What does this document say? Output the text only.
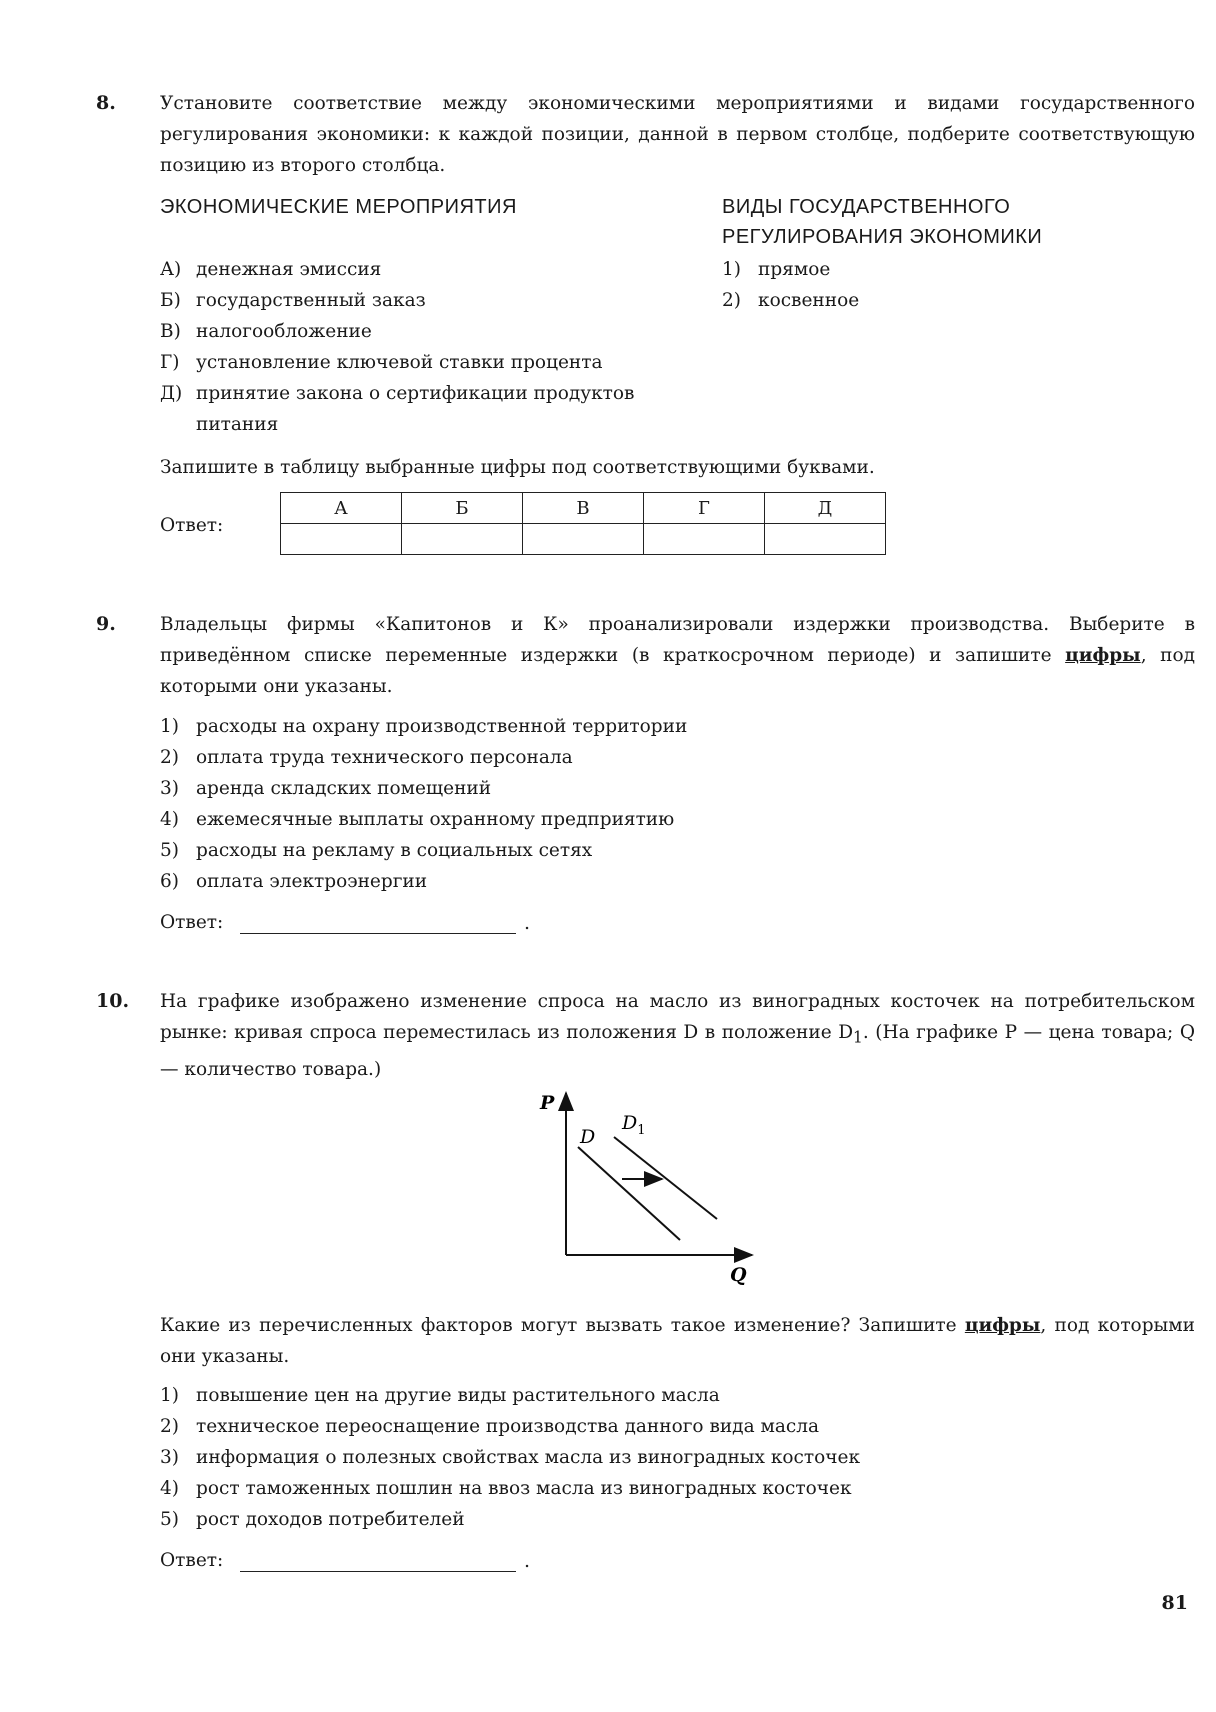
8. Установите соответствие между экономическими мероприятиями и видами государственного регулирования экономики: к каждой позиции, данной в первом столбце, подберите соответствующую позицию из второго столбца.
ЭКОНОМИЧЕСКИЕ МЕРОПРИЯТИЯ	ВИДЫ ГОСУДАРСТВЕННОГО
РЕГУЛИРОВАНИЯ ЭКОНОМИКИ
А) денежная эмиссия
Б) государственный заказ
В) налогообложение
Г) установление ключевой ставки процента
Д) принятие закона о сертификации продуктов
питания
1) прямое
2) косвенное
Запишите в таблицу выбранные цифры под соответствующими буквами.
Ответ:
А	Б	В	Г	Д

9. Владельцы фирмы «Капитонов и К» проанализировали издержки производства. Выберите в приведённом списке переменные издержки (в краткосрочном периоде) и запишите цифры, под которыми они указаны.
1) расходы на охрану производственной территории
2) оплата труда технического персонала
3) аренда складских помещений
4) ежемесячные выплаты охранному предприятию
5) расходы на рекламу в социальных сетях
6) оплата электроэнергии
Ответ:	.
10. На графике изображено изменение спроса на масло из виноградных косточек на потребительском рынке: кривая спроса переместилась из положения D в положение $D_1$. (На графике P — цена товара; Q — количество товара.)
P
Q
D
$D_1$
Какие из перечисленных факторов могут вызвать такое изменение? Запишите цифры, под которыми они указаны.
1) повышение цен на другие виды растительного масла
2) техническое переоснащение производства данного вида масла
3) информация о полезных свойствах масла из виноградных косточек
4) рост таможенных пошлин на ввоз масла из виноградных косточек
5) рост доходов потребителей
Ответ:	.
81
